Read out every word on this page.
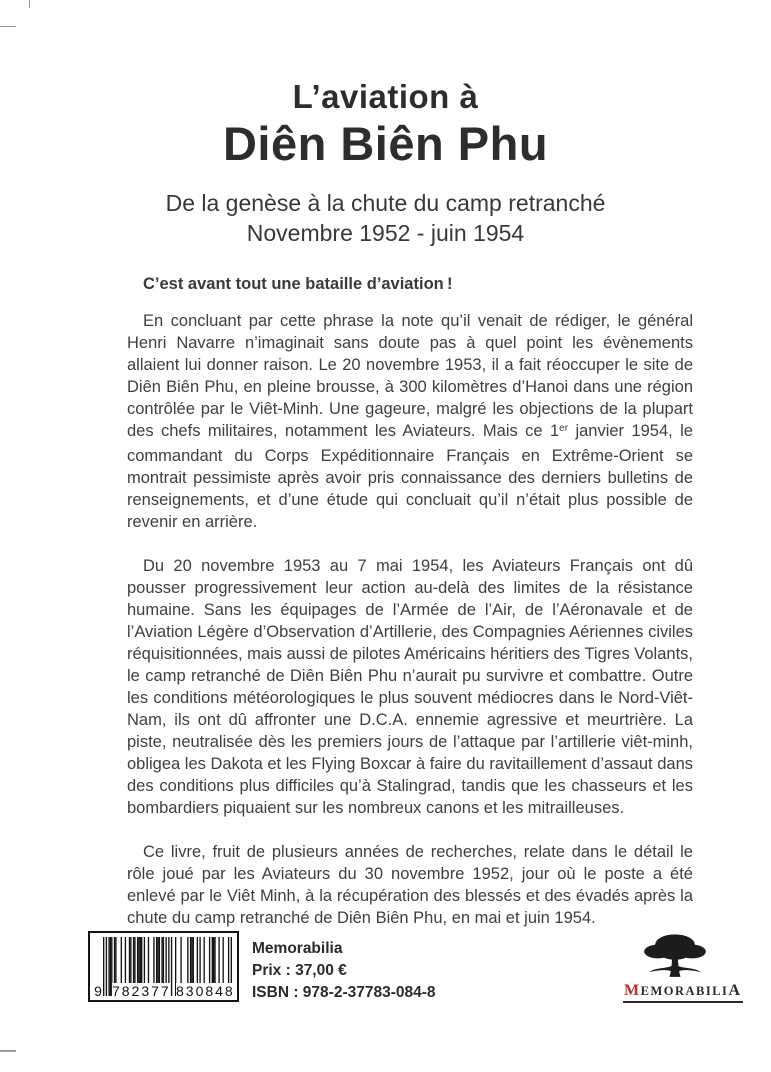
L’aviation à
Diên Biên Phu
De la genèse à la chute du camp retranché
Novembre 1952 - juin 1954
C’est avant tout une bataille d’aviation !

En concluant par cette phrase la note qu’il venait de rédiger, le général Henri Navarre n’imaginait sans doute pas à quel point les évènements allaient lui donner raison. Le 20 novembre 1953, il a fait réoccuper le site de Diên Biên Phu, en pleine brousse, à 300 kilomètres d’Hanoi dans une région contrôlée par le Viêt-Minh. Une gageure, malgré les objections de la plupart des chefs militaires, notamment les Aviateurs. Mais ce 1er janvier 1954, le commandant du Corps Expéditionnaire Français en Extrême-Orient se montrait pessimiste après avoir pris connaissance des derniers bulletins de renseignements, et d’une étude qui concluait qu’il n’était plus possible de revenir en arrière.

Du 20 novembre 1953 au 7 mai 1954, les Aviateurs Français ont dû pousser progressivement leur action au-delà des limites de la résistance humaine. Sans les équipages de l’Armée de l’Air, de l’Aéronavale et de l’Aviation Légère d’Observation d’Artillerie, des Compagnies Aériennes civiles réquisitionnées, mais aussi de pilotes Américains héritiers des Tigres Volants, le camp retranché de Diên Biên Phu n’aurait pu survivre et combattre. Outre les conditions météorologiques le plus souvent médiocres dans le Nord-Viêt-Nam, ils ont dû affronter une D.C.A. ennemie agressive et meurtrière. La piste, neutralisée dès les premiers jours de l’attaque par l’artillerie viêt-minh, obligea les Dakota et les Flying Boxcar à faire du ravitaillement d’assaut dans des conditions plus difficiles qu’à Stalingrad, tandis que les chasseurs et les bombardiers piquaient sur les nombreux canons et les mitrailleuses.

Ce livre, fruit de plusieurs années de recherches, relate dans le détail le rôle joué par les Aviateurs du 30 novembre 1952, jour où le poste a été enlevé par le Viêt Minh, à la récupération des blessés et des évadés après la chute du camp retranché de Diên Biên Phu, en mai et juin 1954.

9 782377 830848
Memorabilia
Prix : 37,00 €
ISBN : 978-2-37783-084-8	MEMORABILIA
